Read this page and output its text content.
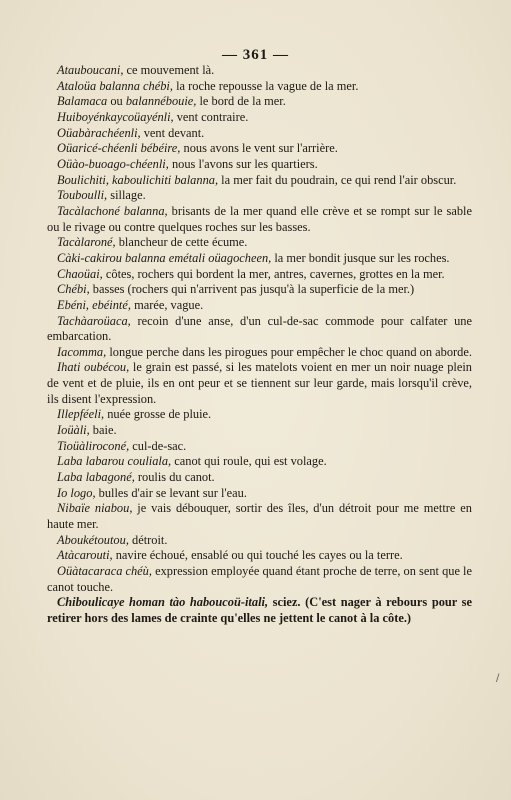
— 361 —

Atauboucani, ce mouvement là.

Ataloüa balanna chébi, la roche repousse la vague de la mer.

Balamaca ou balannébouie, le bord de la mer.

Huiboyénkaycoüayénli, vent contraire.

Oüabàrachéenli, vent devant.

Oüaricé-chéenli bébéire, nous avons le vent sur l'arrière.

Oüào-buoago-chéenli, nous l'avons sur les quartiers.

Boulichiti, kaboulichiti balanna, la mer fait du poudrain, ce qui rend l'air obscur.

Touboulli, sillage.

Tacàlachoné balanna, brisants de la mer quand elle crève et se rompt sur le sable ou le rivage ou contre quelques roches sur les basses.

Tacàlaroné, blancheur de cette écume.

Càki-cakirou balanna emétali oüagocheen, la mer bondit jusque sur les roches.

Chaoüai, côtes, rochers qui bordent la mer, antres, cavernes, grottes en la mer.

Chébi, basses (rochers qui n'arrivent pas jusqu'à la superficie de la mer.)

Ebéni, ebéinté, marée, vague.

Tachàaroüaca, recoin d'une anse, d'un cul-de-sac commode pour calfater une embarcation.

Iacomma, longue perche dans les pirogues pour empêcher le choc quand on aborde.

Ihati oubécou, le grain est passé, si les matelots voient en mer un noir nuage plein de vent et de pluie, ils en ont peur et se tiennent sur leur garde, mais lorsqu'il crève, ils disent l'expression.

Illepféeli, nuée grosse de pluie.

Ioüàli, baie.

Tioüàliroconé, cul-de-sac.

Laba labarou couliala, canot qui roule, qui est volage.

Laba labagoné, roulis du canot.

Io logo, bulles d'air se levant sur l'eau.

Nibaïe niabou, je vais débouquer, sortir des îles, d'un détroit pour me mettre en haute mer.

Aboukétoutou, détroit.

Atàcarouti, navire échoué, ensablé ou qui touché les cayes ou la terre.

Oüàtacaraca chéù, expression employée quand étant proche de terre, on sent que le canot touche.

Chiboulicaye homan tào haboucoü-itali, sciez. (C'est nager à rebours pour se retirer hors des lames de crainte qu'elles ne jettent le canot à la côte.)

/
